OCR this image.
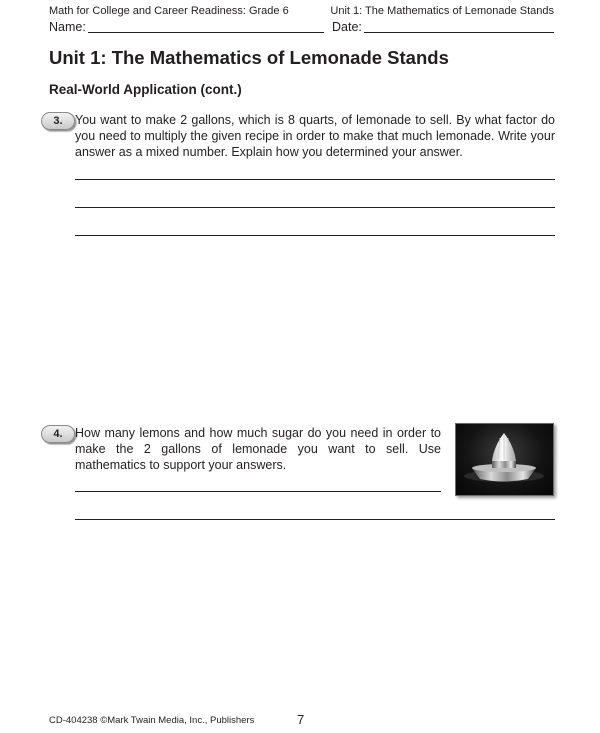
Math for College and Career Readiness: Grade 6	Unit 1: The Mathematics of Lemonade Stands
Name:	Date:
Unit 1: The Mathematics of Lemonade Stands
Real-World Application (cont.)
3. You want to make 2 gallons, which is 8 quarts, of lemonade to sell. By what factor do you need to multiply the given recipe in order to make that much lemonade. Write your answer as a mixed number. Explain how you determined your answer.
4. How many lemons and how much sugar do you need in order to make the 2 gallons of lemonade you want to sell. Use mathematics to support your answers.
CD-404238 ©Mark Twain Media, Inc., Publishers	7
